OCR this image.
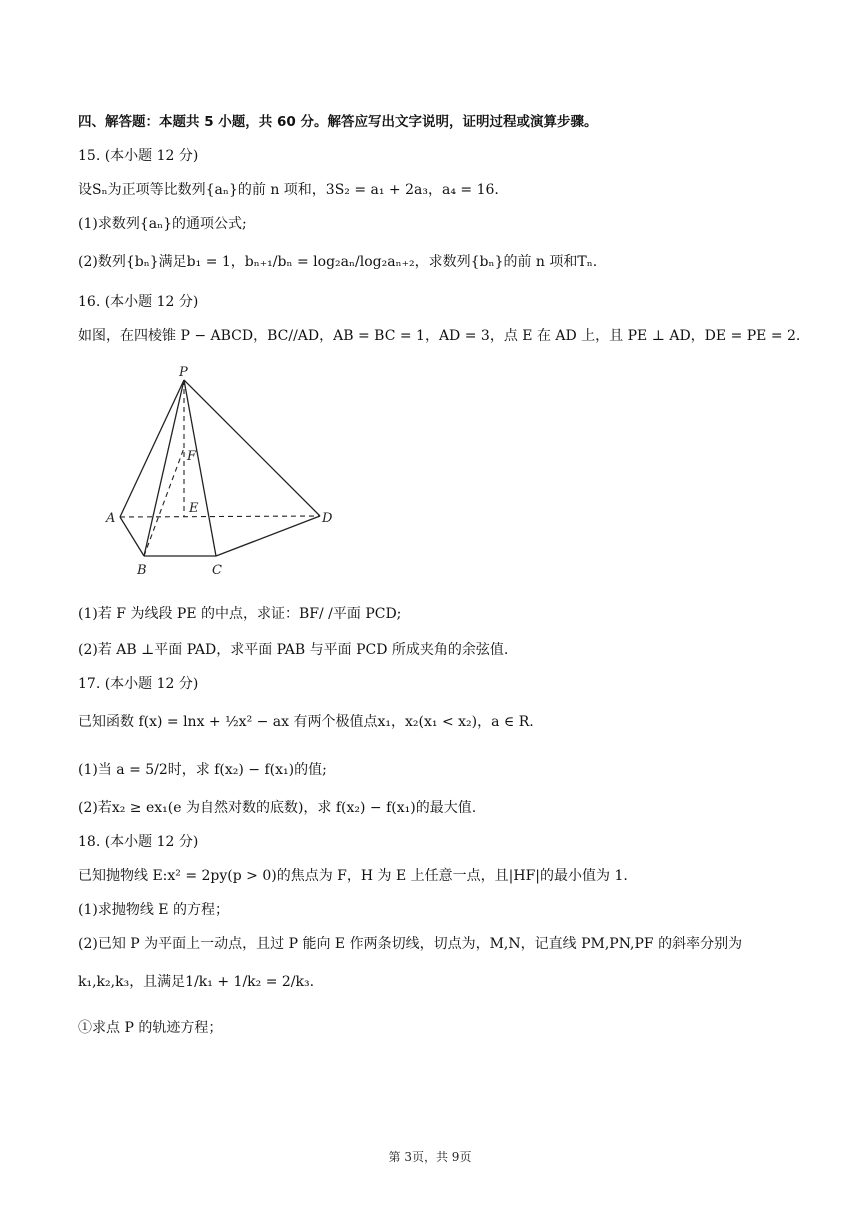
四、解答题：本题共 5 小题，共 60 分。解答应写出文字说明，证明过程或演算步骤。
15. (本小题 12 分)
设Sₙ为正项等比数列{aₙ}的前 n 项和，3S₂ = a₁ + 2a₃，a₄ = 16.
(1)求数列{aₙ}的通项公式;
(2)数列{bₙ}满足b₁ = 1，bₙ₊₁/bₙ = log₂aₙ/log₂aₙ₊₂，求数列{bₙ}的前 n 项和Tₙ.
16. (本小题 12 分)
如图，在四棱锥 P − ABCD，BC//AD，AB = BC = 1，AD = 3，点 E 在 AD 上，且 PE ⊥ AD，DE = PE = 2.
P
F
E
A	D
B	C
(1)若 F 为线段 PE 的中点，求证：BF/ /平面 PCD;
(2)若 AB ⊥平面 PAD，求平面 PAB 与平面 PCD 所成夹角的余弦值.
17. (本小题 12 分)
已知函数 f(x) = lnx + ½x² − ax 有两个极值点x₁，x₂(x₁ < x₂)，a ∈ R.
(1)当 a = 5/2时，求 f(x₂) − f(x₁)的值;
(2)若x₂ ≥ ex₁(e 为自然对数的底数)，求 f(x₂) − f(x₁)的最大值.
18. (本小题 12 分)
已知抛物线 E:x² = 2py(p > 0)的焦点为 F，H 为 E 上任意一点，且|HF|的最小值为 1.
(1)求抛物线 E 的方程；
(2)已知 P 为平面上一动点，且过 P 能向 E 作两条切线，切点为，M,N，记直线 PM,PN,PF 的斜率分别为
k₁,k₂,k₃，且满足1/k₁ + 1/k₂ = 2/k₃.
①求点 P 的轨迹方程；
第 3页，共 9页
